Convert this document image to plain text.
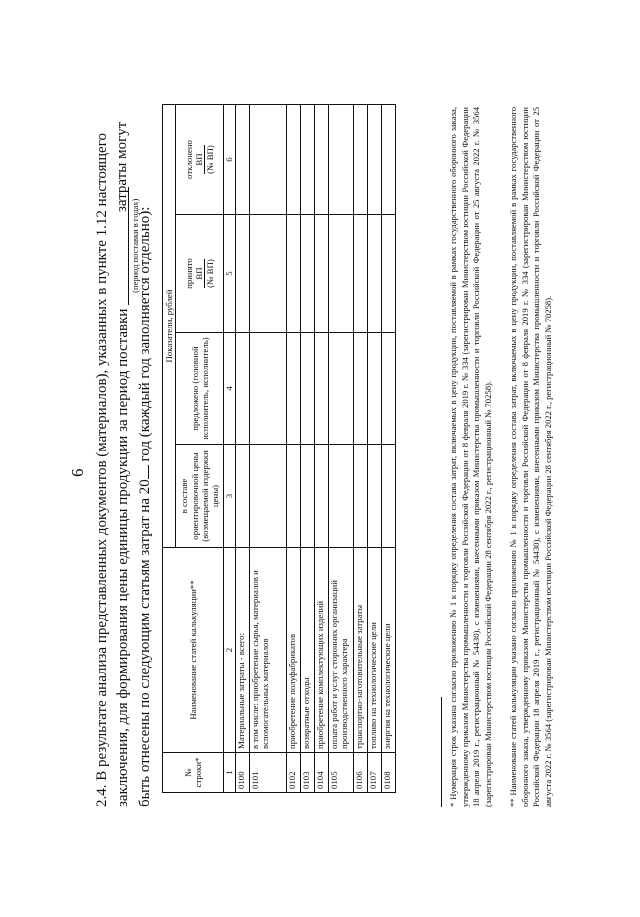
6 2.4. В результате анализа представленных документов (материалов), указанных в пункте 1.12 настоящего заключения, для формирования цены единицы продукции за период поставки
(период поставки в годах)
затраты могут
быть отнесены по следующим статьям затрат на 20 год (каждый год заполняется отдельно):
№ строки*	Наименование статей калькуляции**	Показатели, рублей			
		в составе ориентировочной цены (возмещаемой издержки цены)	предложено (головной исполнитель, исполнитель)	принято ВП (№ ВП)	отклонено ВП (№ ВП)
1	2	3	4	5	6
0100	Материальные затраты - всего:				
0101	в том числе: приобретение сырья, материалов и вспомогательных материалов				
0102	приобретение полуфабрикатов				
0103	возвратные отходы				
0104	приобретение комплектующих изделий				
0105	оплата работ и услуг сторонних организаций производственного характера				
0106	транспортно-заготовительные затраты				
0107	топливо на технологические цели				
0108	энергия на технологические цели					* Нумерация строк указана согласно приложению № 1 к порядку определения состава затрат, включаемых в цену продукции, поставляемой в рамках государственного оборонного заказа, утвержденному приказом Министерства промышленности и торговли Российской Федерации от 8 февраля 2019 г. № 334 (зарегистрирован Министерством юстиции Российской Федерации 18 апреля 2019 г., регистрационный № 54430), с изменениями, внесенными приказом Министерства промышленности и торговли Российской Федерации от 25 августа 2022 г. № 3564 (зарегистрирован Министерством юстиции Российской Федерации 28 сентября 2022 г., регистрационный № 70258). ** Наименование статей калькуляции указано согласно приложению № 1 к порядку определения состава затрат, включаемых в цену продукции, поставляемой в рамках государственного оборонного заказа, утвержденному приказом Министерства промышленности и торговли Российской Федерации от 8 февраля 2019 г. № 334 (зарегистрирован Министерством юстиции Российской Федерации 18 апреля 2019 г., регистрационный № 54430), с изменениями, внесенными приказом Министерства промышленности и торговли Российской Федерации от 25 августа 2022 г. № 3564 (зарегистрирован Министерством юстиции Российской Федерации 28 сентября 2022 г., регистрационный № 70258).
